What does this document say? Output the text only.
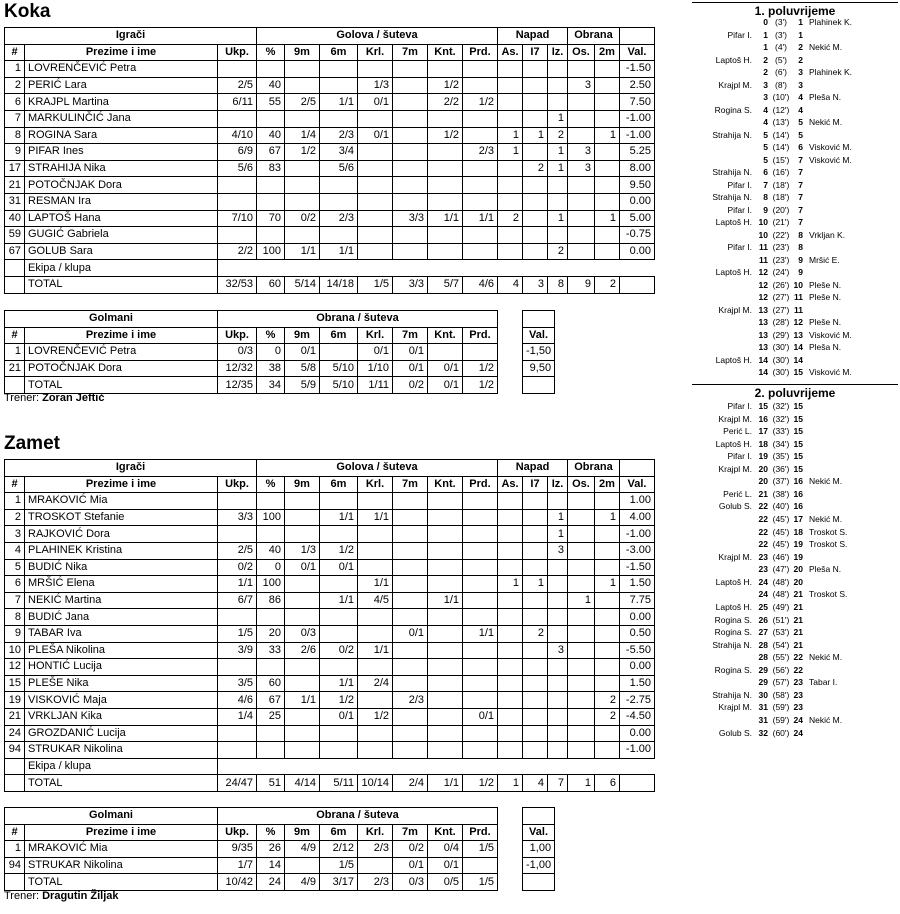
Koka
Igrači			Golova / šuteva							Napad			Obrana		
#	Prezime i ime	Ukp.	%	9m	6m	Krl.	7m	Knt.	Prd.	As.	I7	Iz.	Os.	2m	Val.
1	LOVRENČEVIĆ Petra														-1.50
2	PERIĆ Lara	2/5	40			1/3		1/2					3		2.50
6	KRAJPL Martina	6/11	55	2/5	1/1	0/1		2/2	1/2						7.50
7	MARKULINČIĆ Jana											1			-1.00
8	ROGINA Sara	4/10	40	1/4	2/3	0/1		1/2		1	1	2		1	-1.00
9	PIFAR Ines	6/9	67	1/2	3/4				2/3	1		1	3		5.25
17	STRAHIJA Nika	5/6	83		5/6						2	1	3		8.00
21	POTOČNJAK Dora														9.50
31	RESMAN Ira														0.00
40	LAPTOŠ Hana	7/10	70	0/2	2/3		3/3	1/1	1/1	2		1		1	5.00
59	GUGIĆ Gabriela														-0.75
67	GOLUB Sara	2/2	100	1/1	1/1							2			0.00
	Ekipa / klupa														
	TOTAL	32/53	60	5/14	14/18	1/5	3/3	5/7	4/6	4	3	8	9	2	
Golmani		Obrana / šuteva										
#	Prezime i ime	Ukp.	%	9m	6m	Krl.	7m	Knt.	Prd.		Val.	
1	LOVRENČEVIĆ Petra	0/3	0	0/1		0/1	0/1				-1,50	
21	POTOČNJAK Dora	12/32	38	5/8	5/10	1/10	0/1	0/1	1/2		9,50	
	TOTAL	12/35	34	5/9	5/10	1/11	0/2	0/1	1/2			
Trener: Zoran Jeftić
Zamet
Igrači			Golova / šuteva							Napad			Obrana		
#	Prezime i ime	Ukp.	%	9m	6m	Krl.	7m	Knt.	Prd.	As.	I7	Iz.	Os.	2m	Val.
1	MRAKOVIĆ Mia														1.00
2	TROSKOT Stefanie	3/3	100		1/1	1/1						1		1	4.00
3	RAJKOVIĆ Dora											1			-1.00
4	PLAHINEK Kristina	2/5	40	1/3	1/2							3			-3.00
5	BUDIĆ Nika	0/2	0	0/1	0/1										-1.50
6	MRŠIĆ Elena	1/1	100			1/1				1	1			1	1.50
7	NEKIĆ Martina	6/7	86		1/1	4/5		1/1					1		7.75
8	BUDIĆ Jana														0.00
9	TABAR Iva	1/5	20	0/3			0/1		1/1		2				0.50
10	PLEŠA Nikolina	3/9	33	2/6	0/2	1/1						3			-5.50
12	HONTIĆ Lucija														0.00
15	PLEŠE Nika	3/5	60		1/1	2/4									1.50
19	VISKOVIĆ Maja	4/6	67	1/1	1/2		2/3							2	-2.75
21	VRKLJAN Kika	1/4	25		0/1	1/2			0/1					2	-4.50
24	GROZDANIĆ Lucija														0.00
94	STRUKAR Nikolina														-1.00
	Ekipa / klupa														
	TOTAL	24/47	51	4/14	5/11	10/14	2/4	1/1	1/2	1	4	7	1	6	
Golmani		Obrana / šuteva										
#	Prezime i ime	Ukp.	%	9m	6m	Krl.	7m	Knt.	Prd.		Val.	
1	MRAKOVIĆ Mia	9/35	26	4/9	2/12	2/3	0/2	0/4	1/5		1,00	
94	STRUKAR Nikolina	1/7	14		1/5		0/1	0/1			-1,00	
	TOTAL	10/42	24	4/9	3/17	2/3	0/3	0/5	1/5			
Trener: Dragutin Žiljak
1. poluvrijeme
0 (3')	1 Plahinek K.
Pifar I.	1 (3')	1
1 (4')	2 Nekić M.
Laptoš H.	2 (5')	2
2 (6')	3 Plahinek K.
Krajpl M.	3 (8')	3
3 (10')	4 Pleša N.
Rogina S.	4 (12')	4
4 (13')	5 Nekić M.
Strahija N.	5 (14')	5
5 (14')	6 Visković M.
5 (15')	7 Visković M.
Strahija N.	6 (16')	7
Pifar I.	7 (18')	7
Strahija N.	8 (18')	7
Pifar I.	9 (20')	7
Laptoš H. 10 (21')	7
10 (22')	8 Vrkljan K.
Pifar I. 11 (23')	8
11 (23')	9 Mršić E.
Laptoš H. 12 (24')	9
12 (26') 10 Pleše N.
12 (27') 11 Pleše N.
Krajpl M. 13 (27') 11
13 (28') 12 Pleše N.
13 (29') 13 Visković M.
13 (30') 14 Pleša N.
Laptoš H. 14 (30') 14
14 (30') 15 Visković M.
2. poluvrijeme
Pifar I. 15 (32') 15
Krajpl M. 16 (32') 15
Perić L. 17 (33') 15
Laptoš H. 18 (34') 15
Pifar I. 19 (35') 15
Krajpl M. 20 (36') 15
20 (37') 16 Nekić M.
Perić L. 21 (38') 16
Golub S. 22 (40') 16
22 (45') 17 Nekić M.
22 (45') 18 Troskot S.
22 (45') 19 Troskot S.
Krajpl M. 23 (46') 19
23 (47') 20 Pleša N.
Laptoš H. 24 (48') 20
24 (48') 21 Troskot S.
Laptoš H. 25 (49') 21
Rogina S. 26 (51') 21
Rogina S. 27 (53') 21
Strahija N. 28 (54') 21
28 (55') 22 Nekić M.
Rogina S. 29 (56') 22
29 (57') 23 Tabar I.
Strahija N. 30 (58') 23
Krajpl M. 31 (59') 23
31 (59') 24 Nekić M.
Golub S. 32 (60') 24
